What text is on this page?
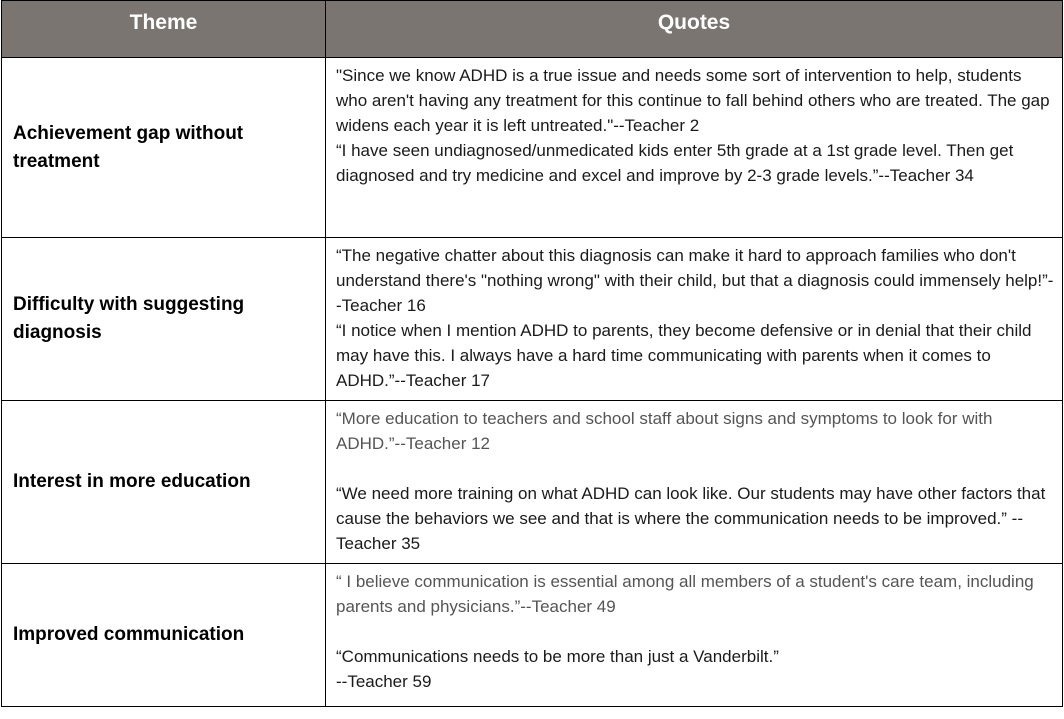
Theme	Quotes
Achievement gap without treatment	"Since we know ADHD is a true issue and needs some sort of intervention to help, students who aren't having any treatment for this continue to fall behind others who are treated. The gap widens each year it is left untreated."--Teacher 2
“I have seen undiagnosed/unmedicated kids enter 5th grade at a 1st grade level. Then get diagnosed and try medicine and excel and improve by 2-3 grade levels.”--Teacher 34

Difficulty with suggesting diagnosis	“The negative chatter about this diagnosis can make it hard to approach families who don't understand there's "nothing wrong" with their child, but that a diagnosis could immensely help!”--Teacher 16
“I notice when I mention ADHD to parents, they become defensive or in denial that their child may have this. I always have a hard time communicating with parents when it comes to ADHD.”--Teacher 17

Interest in more education	“More education to teachers and school staff about signs and symptoms to look for with ADHD.”--Teacher 12
“We need more training on what ADHD can look like. Our students may have other factors that cause the behaviors we see and that is where the communication needs to be improved.” --Teacher 35

Improved communication	“ I believe communication is essential among all members of a student's care team, including parents and physicians.”--Teacher 49
“Communications needs to be more than just a Vanderbilt.”
--Teacher 59
